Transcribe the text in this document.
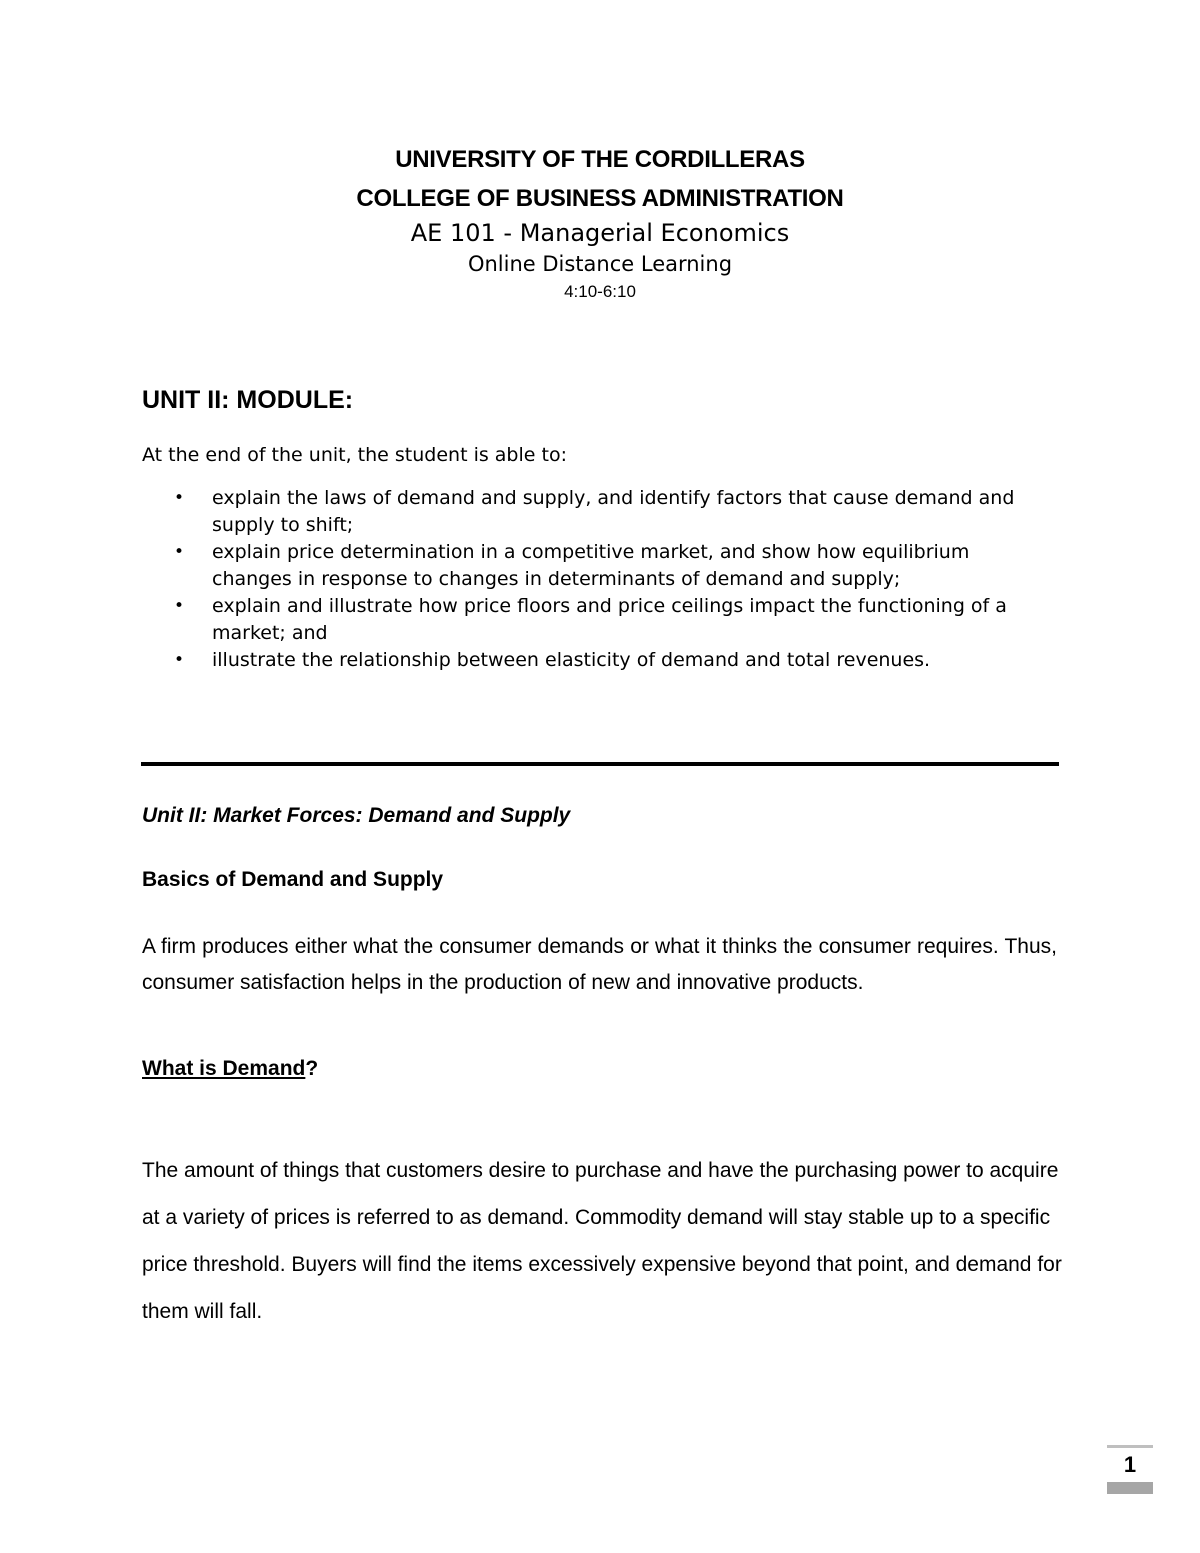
UNIVERSITY OF THE CORDILLERAS
COLLEGE OF BUSINESS ADMINISTRATION
AE 101 - Managerial Economics
Online Distance Learning
4:10-6:10
UNIT II: MODULE:
At the end of the unit, the student is able to:
• explain the laws of demand and supply, and identify factors that cause demand and supply to shift;
• explain price determination in a competitive market, and show how equilibrium changes in response to changes in determinants of demand and supply;
• explain and illustrate how price floors and price ceilings impact the functioning of a market; and
• illustrate the relationship between elasticity of demand and total revenues.
Unit II: Market Forces: Demand and Supply
Basics of Demand and Supply
A firm produces either what the consumer demands or what it thinks the consumer requires. Thus, consumer satisfaction helps in the production of new and innovative products.
What is Demand?
The amount of things that customers desire to purchase and have the purchasing power to acquire at a variety of prices is referred to as demand. Commodity demand will stay stable up to a specific price threshold. Buyers will find the items excessively expensive beyond that point, and demand for them will fall.
1
